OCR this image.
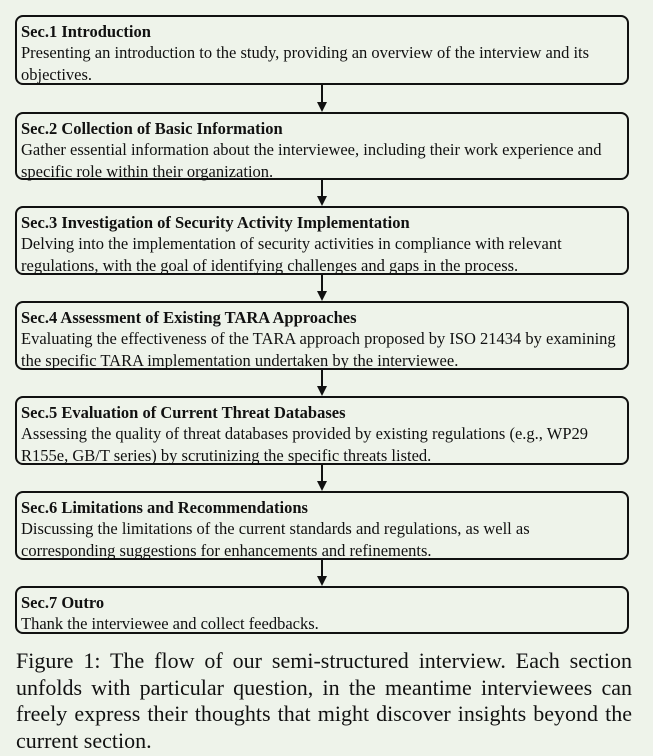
Sec.1 Introduction
Presenting an introduction to the study, providing an overview of the interview and its objectives.
Sec.2 Collection of Basic Information
Gather essential information about the interviewee, including their work experience and specific role within their organization.
Sec.3 Investigation of Security Activity Implementation
Delving into the implementation of security activities in compliance with relevant regulations, with the goal of identifying challenges and gaps in the process.
Sec.4 Assessment of Existing TARA Approaches
Evaluating the effectiveness of the TARA approach proposed by ISO 21434 by examining the specific TARA implementation undertaken by the interviewee.
Sec.5 Evaluation of Current Threat Databases
Assessing the quality of threat databases provided by existing regulations (e.g., WP29 R155e, GB/T series) by scrutinizing the specific threats listed.
Sec.6 Limitations and Recommendations
Discussing the limitations of the current standards and regulations, as well as corresponding suggestions for enhancements and refinements.
Sec.7 Outro
Thank the interviewee and collect feedbacks.

Figure 1: The flow of our semi-structured interview. Each section unfolds with particular question, in the meantime interviewees can freely express their thoughts that might discover insights beyond the current section.
